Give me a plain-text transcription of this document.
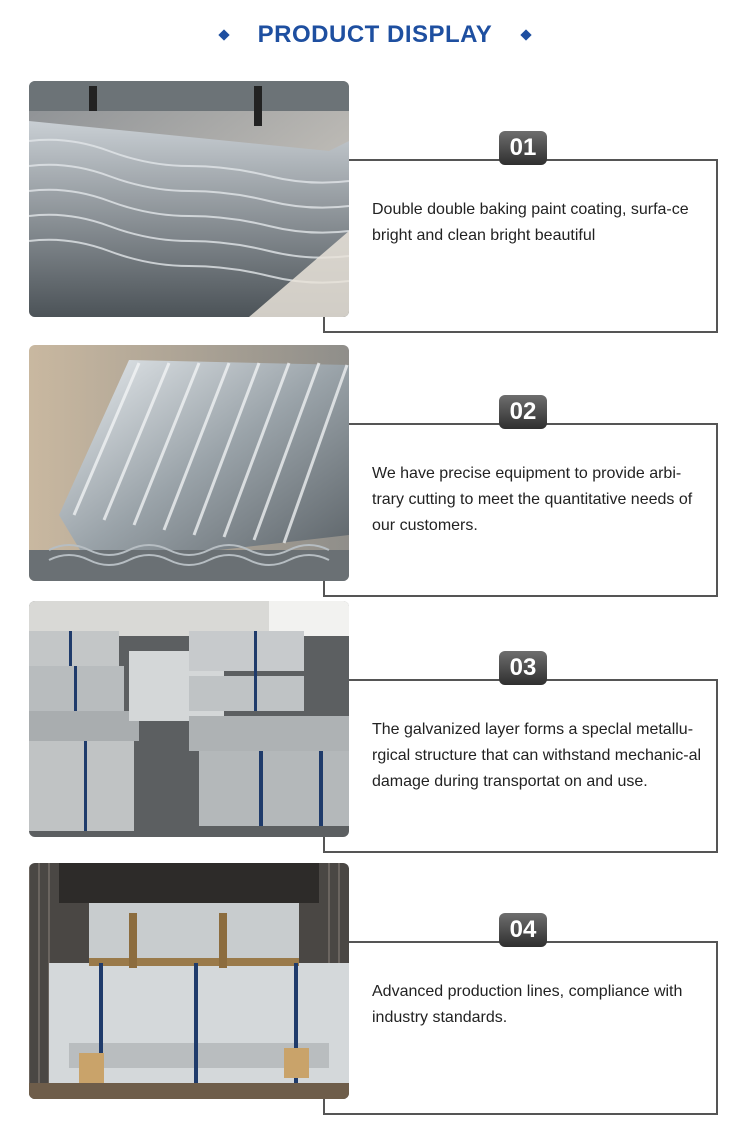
PRODUCT DISPLAY
01
Double double baking paint coating, surfa-ce bright and clean bright beautiful
02
We have precise equipment to provide arbi-trary cutting to meet the quantitative needs of our customers.
03
The galvanized layer forms a speclal metallu-rgical structure that can withstand mechanic-al damage during transportat on and use.
04
Advanced production lines, compliance with industry standards.
